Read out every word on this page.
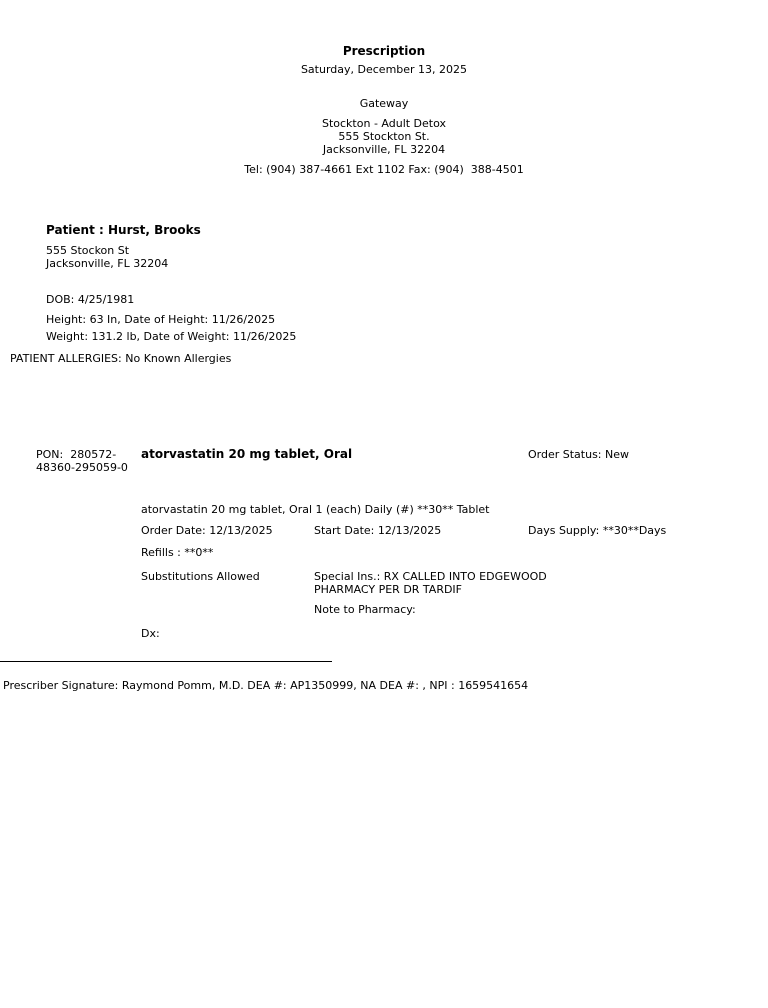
Prescription
Saturday, December 13, 2025
Gateway
Stockton - Adult Detox
555 Stockton St.
Jacksonville, FL 32204
Tel: (904) 387-4661 Ext 1102 Fax: (904)  388-4501
Patient : Hurst, Brooks
555 Stockon St
Jacksonville, FL 32204
DOB: 4/25/1981
Height: 63 In, Date of Height: 11/26/2025
Weight: 131.2 lb, Date of Weight: 11/26/2025
PATIENT ALLERGIES: No Known Allergies
PON:  280572-48360-295059-0
atorvastatin 20 mg tablet, Oral	Order Status: New
atorvastatin 20 mg tablet, Oral 1 (each) Daily (#) **30** Tablet
Order Date: 12/13/2025	Start Date: 12/13/2025	Days Supply: **30**Days
Refills : **0**
Substitutions Allowed	Special Ins.: RX CALLED INTO EDGEWOOD PHARMACY PER DR TARDIF
Note to Pharmacy:
Dx:
Prescriber Signature: Raymond Pomm, M.D. DEA #: AP1350999, NA DEA #: , NPI : 1659541654
